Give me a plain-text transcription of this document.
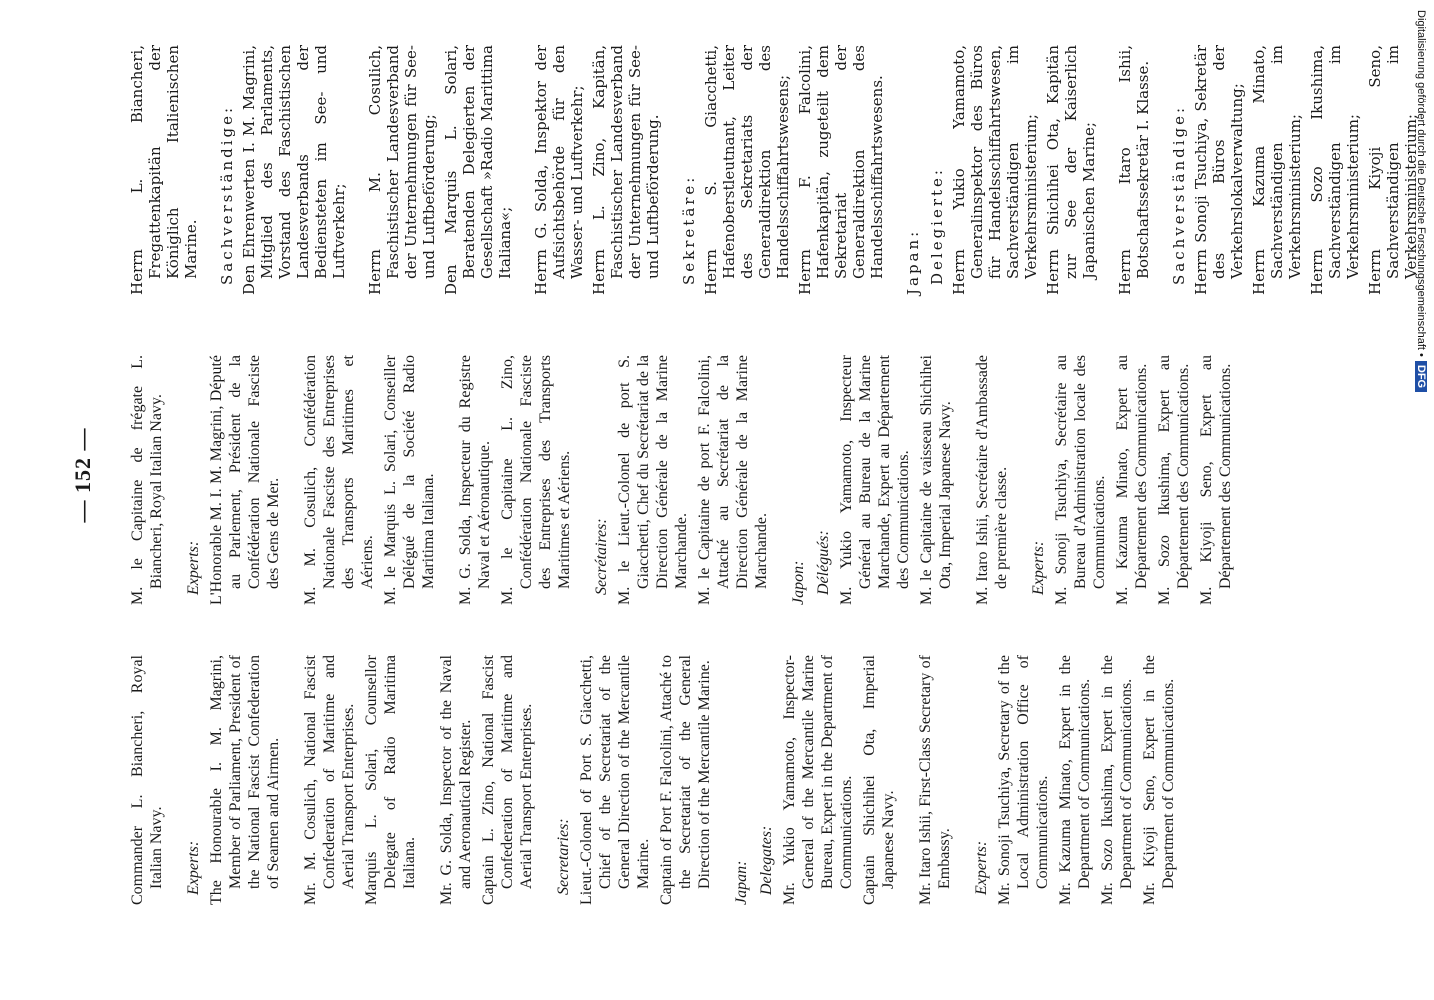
— 152 —

Commander L. Biancheri, Royal Italian Navy. Experts: The Honourable I. M. Magrini, Member of Parliament, President of the National Fascist Confederation of Seamen and Airmen. Mr. M. Cosulich, National Fascist Confederation of Maritime and Aerial Transport Enterprises. Marquis L. Solari, Counsellor Delegate of Radio Maritima Italiana. Mr. G. Solda, Inspector of the Naval and Aeronautical Register. Captain L. Zino, National Fascist Confederation of Maritime and Aerial Transport Enterprises. Secretaries: Lieut.-Colonel of Port S. Giacchetti, Chief of the Secretariat of the General Direction of the Mercantile Marine. Captain of Port F. Falcolini, Attaché to the Secretariat of the General Direction of the Mercantile Marine. Japan: Delegates: Mr. Yukio Yamamoto, Inspector-General of the Mercantile Marine Bureau, Expert in the Department of Communications. Captain Shichihei Ota, Imperial Japanese Navy. Mr. Itaro Ishii, First-Class Secretary of Embassy. Experts: Mr. Sonoji Tsuchiya, Secretary of the Local Administration Office of Communications. Mr. Kazuma Minato, Expert in the Department of Communications. Mr. Sozo Ikushima, Expert in the Department of Communications. Mr. Kiyoji Seno, Expert in the Department of Communications.

M. le Capitaine de frégate L. Biancheri, Royal Italian Navy. Experts: L'Honorable M. I. M. Magrini, Député au Parlement, Président de la Confédération Nationale Fasciste des Gens de Mer. M. M. Cosulich, Confédération Nationale Fasciste des Entreprises des Transports Maritimes et Aériens. M. le Marquis L. Solari, Conseiller Délégué de la Société Radio Maritima Italiana. M. G. Solda, Inspecteur du Registre Naval et Aéronautique. M. le Capitaine L. Zino, Confédération Nationale Fasciste des Entreprises des Transports Maritimes et Aériens. Secrétaires: M. le Lieut.-Colonel de port S. Giacchetti, Chef du Secrétariat de la Direction Générale de la Marine Marchande. M. le Capitaine de port F. Falcolini, Attaché au Secrétariat de la Direction Générale de la Marine Marchande. Japon: Délégués: M. Yukio Yamamoto, Inspecteur Général au Bureau de la Marine Marchande, Expert au Département des Communications. M. le Capitaine de vaisseau Shichihei Ota, Imperial Japanese Navy. M. Itaro Ishii, Secrétaire d'Ambassade de première classe. Experts: M. Sonoji Tsuchiya, Secrétaire au Bureau d'Administration locale des Communications. M. Kazuma Minato, Expert au Département des Communications. M. Sozo Ikushima, Expert au Département des Communications. M. Kiyoji Seno, Expert au Département des Communications.

Herrn L. Biancheri, Fregattenkapitän der Königlich Italienischen Marine. Sachverständige: Den Ehrenwerten I. M. Magrini, Mitglied des Parlaments, Vorstand des Faschistischen Landesverbands der Bediensteten im See- und Luftverkehr; Herrn M. Cosulich, Faschistischer Landesverband der Unternehmungen für See- und Luftbeförderung; Den Marquis L. Solari, Beratenden Delegierten der Gesellschaft »Radio Marittima Italiana«; Herrn G. Solda, Inspektor der Aufsichtsbehörde für den Wasser- und Luftverkehr; Herrn L. Zino, Kapitän, Faschistischer Landesverband der Unternehmungen für See- und Luftbeförderung. Sekretäre: Herrn S. Giacchetti, Hafenoberstleutnant, Leiter des Sekretariats der Generaldirektion des Handelsschiffahrtswesens; Herrn F. Falcolini, Hafenkapitän, zugeteilt dem Sekretariat der Generaldirektion des Handelsschiffahrtswesens. Japan: Delegierte: Herrn Yukio Yamamoto, Generalinspektor des Büros für Handelsschiffahrtswesen, Sachverständigen im Verkehrsministerium; Herrn Shichihei Ota, Kapitän zur See der Kaiserlich Japanischen Marine; Herrn Itaro Ishii, Botschaftssekretär I. Klasse. Sachverständige: Herrn Sonoji Tsuchiya, Sekretär des Büros der Verkehrslokalverwaltung; Herrn Kazuma Minato, Sachverständigen im Verkehrsministerium; Herrn Sozo Ikushima, Sachverständigen im Verkehrsministerium; Herrn Kiyoji Seno, Sachverständigen im Verkehrsministerium;

Digitalisierung gefördert durch die Deutsche Forschungsgemeinschaft •DFG
